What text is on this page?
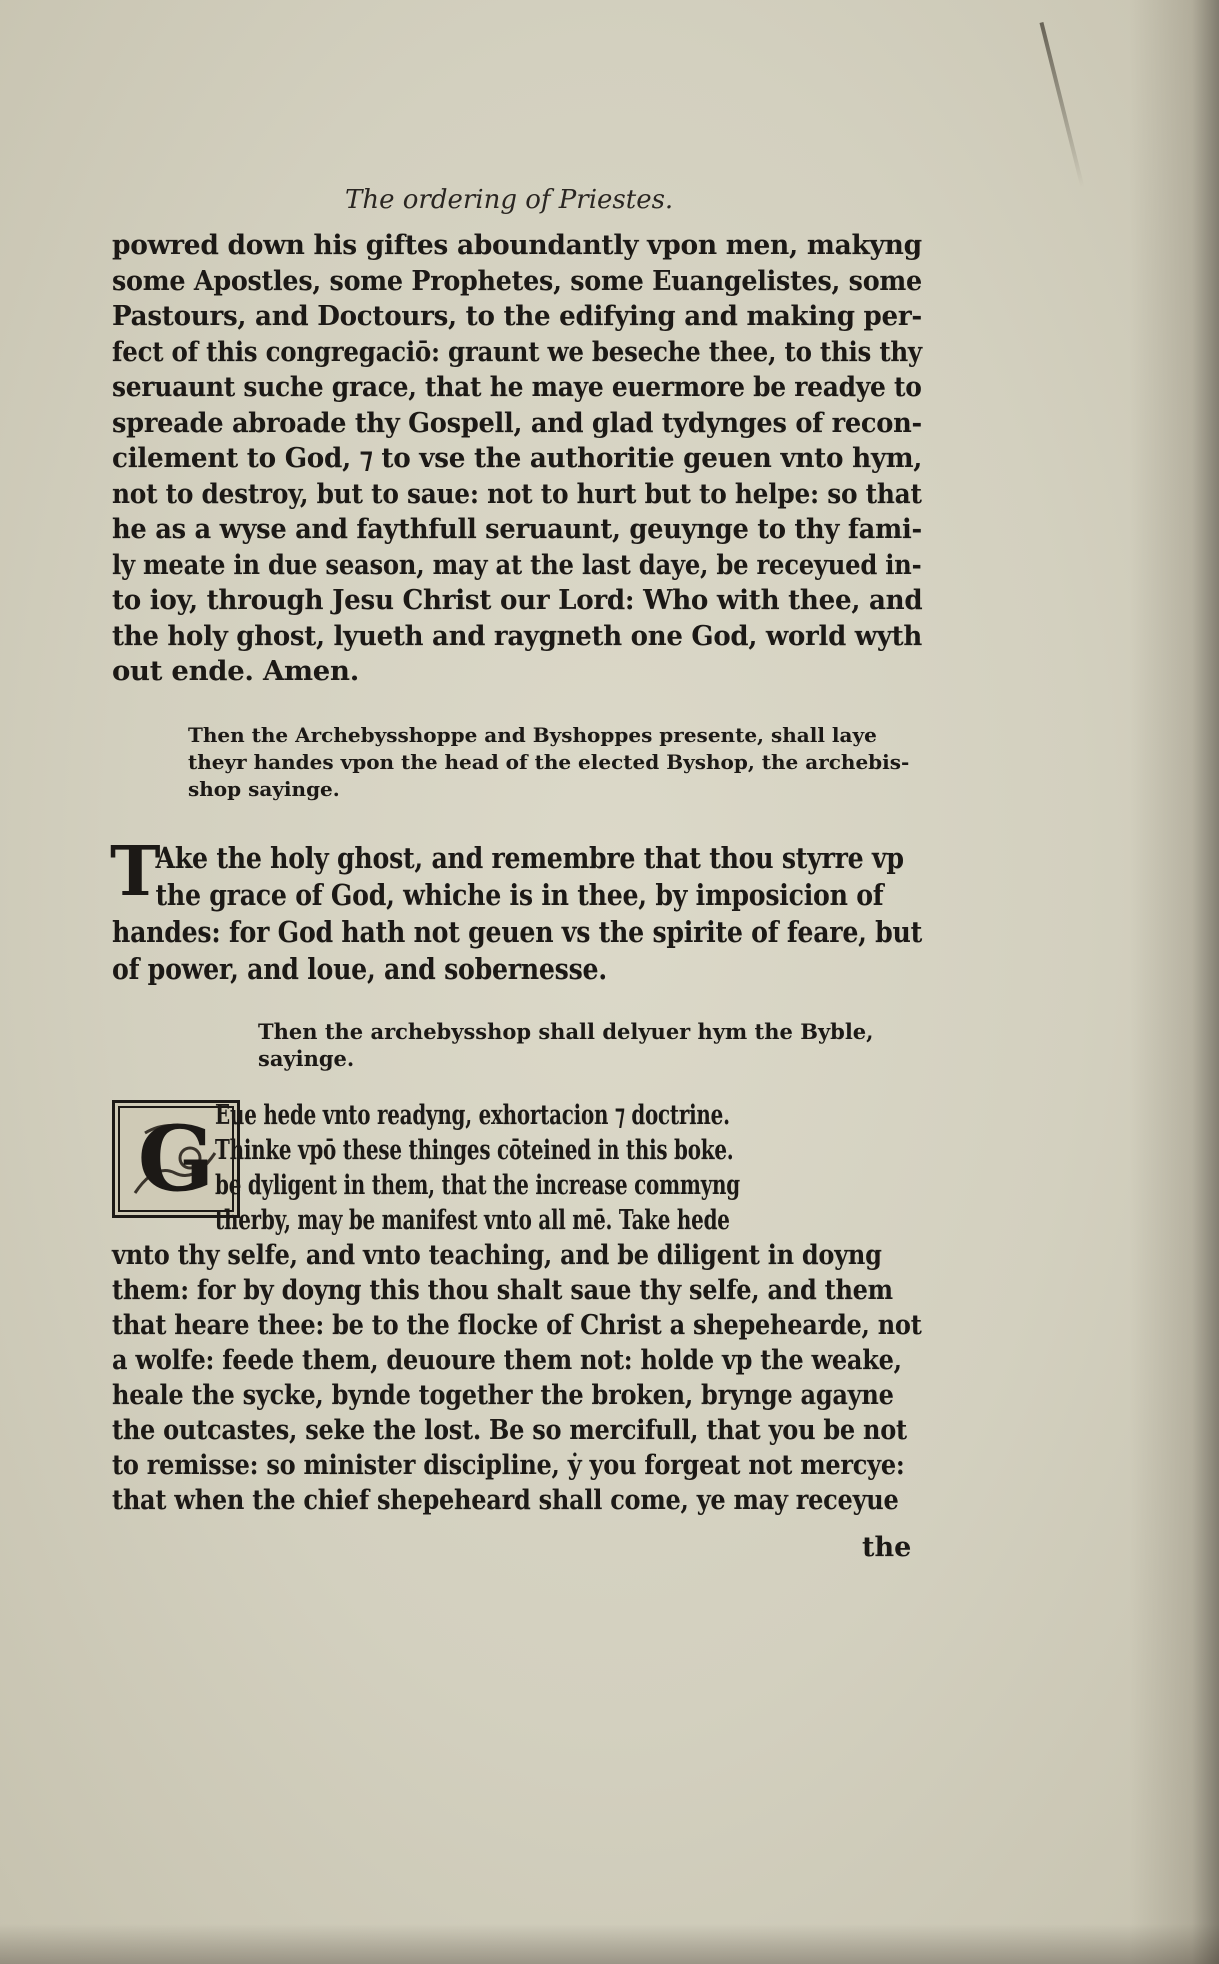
The ordering of Priestes.
powred down his giftes aboundantly vpon men, makyng
some Apostles, some Prophetes, some Euangelistes, some
Pastours, and Doctours, to the edifying and making per-
fect of this congregaciō: graunt we beseche thee, to this thy
seruaunt suche grace, that he maye euermore be readye to
spreade abroade thy Gospell, and glad tydynges of recon-
cilement to God, ⁊ to vse the authoritie geuen vnto hym,
not to destroy, but to saue: not to hurt but to helpe: so that
he as a wyse and faythfull seruaunt, geuynge to thy fami-
ly meate in due season, may at the last daye, be receyued in-
to ioy, through Jesu Christ our Lord: Who with thee, and
the holy ghost, lyueth and raygneth one God, world wyth
out ende. Amen.
Then the Archebysshoppe and Byshoppes presente, shall laye
theyr handes vpon the head of the elected Byshop, the archebis-
shop sayinge.
T
Ake the holy ghost, and remembre that thou styrre vp
the grace of God, whiche is in thee, by imposicion of
handes: for God hath not geuen vs the spirite of feare, but
of power, and loue, and sobernesse.
Then the archebysshop shall delyuer hym the Byble,
sayinge.
G Eue hede vnto readyng, exhortacion ⁊ doctrine.
Thinke vpō these thinges cōteined in this boke.
be dyligent in them, that the increase commyng
therby, may be manifest vnto all mē. Take hede
vnto thy selfe, and vnto teaching, and be diligent in doyng
them: for by doyng this thou shalt saue thy selfe, and them
that heare thee: be to the flocke of Christ a shepehearde, not
a wolfe: feede them, deuoure them not: holde vp the weake,
heale the sycke, bynde together the broken, brynge agayne
the outcastes, seke the lost. Be so mercifull, that you be not
to remisse: so minister discipline, ẏ you forgeat not mercye:
that when the chief shepeheard shall come, ye may receyue
the
